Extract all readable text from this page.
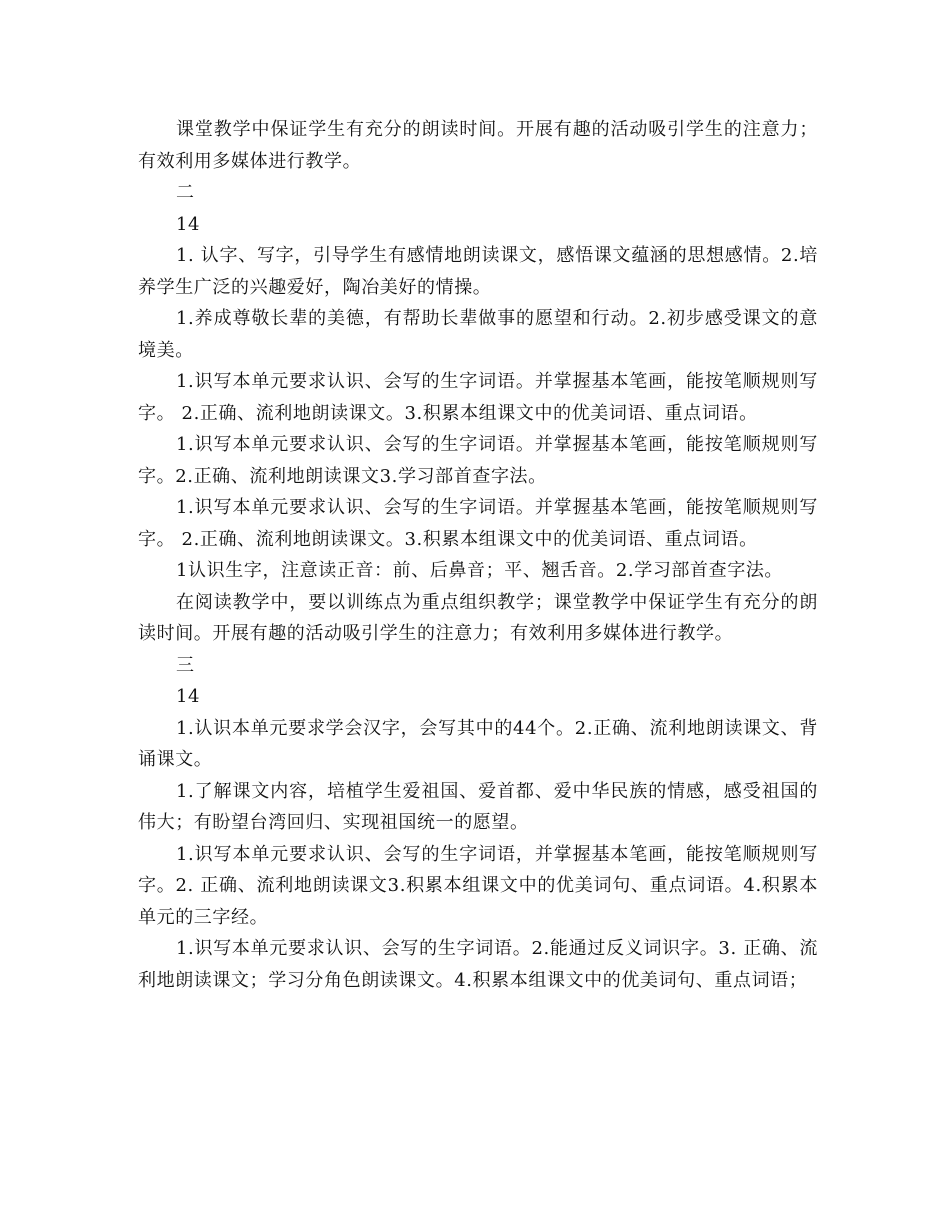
课堂教学中保证学生有充分的朗读时间。开展有趣的活动吸引学生的注意力；有效利用多媒体进行教学。

二

14

1. 认字、写字，引导学生有感情地朗读课文，感悟课文蕴涵的思想感情。2.培养学生广泛的兴趣爱好，陶冶美好的情操。

1.养成尊敬长辈的美德，有帮助长辈做事的愿望和行动。2.初步感受课文的意境美。

1.识写本单元要求认识、会写的生字词语。并掌握基本笔画，能按笔顺规则写字。 2.正确、流利地朗读课文。3.积累本组课文中的优美词语、重点词语。

1.识写本单元要求认识、会写的生字词语。并掌握基本笔画，能按笔顺规则写字。2.正确、流利地朗读课文3.学习部首查字法。

1.识写本单元要求认识、会写的生字词语。并掌握基本笔画，能按笔顺规则写字。 2.正确、流利地朗读课文。3.积累本组课文中的优美词语、重点词语。

1认识生字，注意读正音：前、后鼻音；平、翘舌音。2.学习部首查字法。

在阅读教学中，要以训练点为重点组织教学；课堂教学中保证学生有充分的朗读时间。开展有趣的活动吸引学生的注意力；有效利用多媒体进行教学。

三

14

1.认识本单元要求学会汉字，会写其中的44个。2.正确、流利地朗读课文、背诵课文。

1.了解课文内容，培植学生爱祖国、爱首都、爱中华民族的情感，感受祖国的伟大；有盼望台湾回归、实现祖国统一的愿望。

1.识写本单元要求认识、会写的生字词语，并掌握基本笔画，能按笔顺规则写字。2. 正确、流利地朗读课文3.积累本组课文中的优美词句、重点词语。4.积累本单元的三字经。

1.识写本单元要求认识、会写的生字词语。2.能通过反义词识字。3. 正确、流利地朗读课文；学习分角色朗读课文。4.积累本组课文中的优美词句、重点词语；
